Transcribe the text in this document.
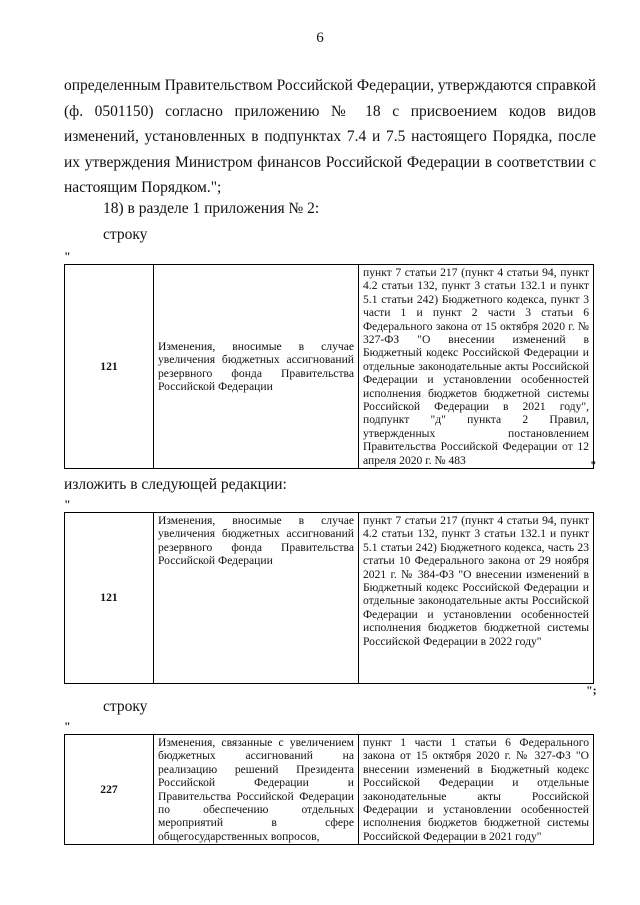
6
определенным Правительством Российской Федерации, утверждаются справкой (ф. 0501150) согласно приложению № 18 с присвоением кодов видов изменений, установленных в подпунктах 7.4 и 7.5 настоящего Порядка, после их утверждения Министром финансов Российской Федерации в соответствии с настоящим Порядком.";
18) в разделе 1 приложения № 2:
строку
"
121	Изменения, вносимые в случае увеличения бюджетных ассигнований резервного фонда Правительства Российской Федерации	пункт 7 статьи 217 (пункт 4 статьи 94, пункт 4.2 статьи 132, пункт 3 статьи 132.1 и пункт 5.1 статьи 242) Бюджетного кодекса, пункт 3 части 1 и пункт 2 части 3 статьи 6 Федерального закона от 15 октября 2020 г. № 327-ФЗ "О внесении изменений в Бюджетный кодекс Российской Федерации и отдельные законодательные акты Российской Федерации и установлении особенностей исполнения бюджетов бюджетной системы Российской Федерации в 2021 году", подпункт "д" пункта 2 Правил, утвержденных постановлением Правительства Российской Федерации от 12 апреля 2020 г. № 483	"
изложить в следующей редакции:
"
121	Изменения, вносимые в случае увеличения бюджетных ассигнований резервного фонда Правительства Российской Федерации	пункт 7 статьи 217 (пункт 4 статьи 94, пункт 4.2 статьи 132, пункт 3 статьи 132.1 и пункт 5.1 статьи 242) Бюджетного кодекса, часть 23 статьи 10 Федерального закона от 29 ноября 2021 г. № 384-ФЗ "О внесении изменений в Бюджетный кодекс Российской Федерации и отдельные законодательные акты Российской Федерации и установлении особенностей исполнения бюджетов бюджетной системы Российской Федерации в 2022 году"
";
строку
"
227	Изменения, связанные с увеличением бюджетных ассигнований на реализацию решений Президента Российской Федерации и Правительства Российской Федерации по обеспечению отдельных мероприятий в сфере общегосударственных вопросов,	пункт 1 части 1 статьи 6 Федерального закона от 15 октября 2020 г. № 327-ФЗ "О внесении изменений в Бюджетный кодекс Российской Федерации и отдельные законодательные акты Российской Федерации и установлении особенностей исполнения бюджетов бюджетной системы Российской Федерации в 2021 году"
